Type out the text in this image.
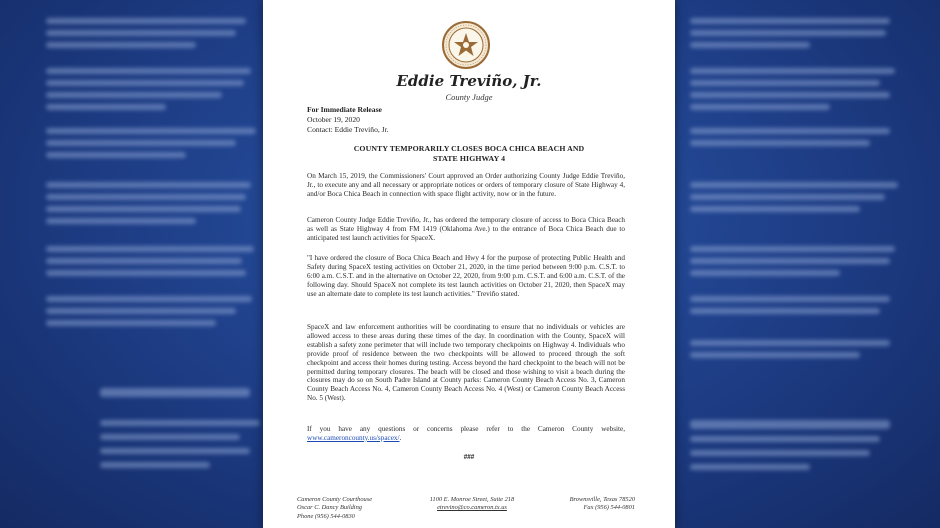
Eddie Treviño, Jr.
County Judge
For Immediate Release
October 19, 2020
Contact: Eddie Treviño, Jr.
COUNTY TEMPORARILY CLOSES BOCA CHICA BEACH AND
STATE HIGHWAY 4
On March 15, 2019, the Commissioners' Court approved an Order authorizing County Judge Eddie Treviño, Jr., to execute any and all necessary or appropriate notices or orders of temporary closure of State Highway 4, and/or Boca Chica Beach in connection with space flight activity, now or in the future.
Cameron County Judge Eddie Treviño, Jr., has ordered the temporary closure of access to Boca Chica Beach as well as State Highway 4 from FM 1419 (Oklahoma Ave.) to the entrance of Boca Chica Beach due to anticipated test launch activities for SpaceX.
"I have ordered the closure of Boca Chica Beach and Hwy 4 for the purpose of protecting Public Health and Safety during SpaceX testing activities on October 21, 2020, in the time period between 9:00 p.m. C.S.T. to 6:00 a.m. C.S.T. and in the alternative on October 22, 2020, from 9:00 p.m. C.S.T. and 6:00 a.m. C.S.T. of the following day. Should SpaceX not complete its test launch activities on October 21, 2020, then SpaceX may use an alternate date to complete its test launch activities." Treviño stated.
SpaceX and law enforcement authorities will be coordinating to ensure that no individuals or vehicles are allowed access to these areas during these times of the day. In coordination with the County, SpaceX will establish a safety zone perimeter that will include two temporary checkpoints on Highway 4. Individuals who provide proof of residence between the two checkpoints will be allowed to proceed through the soft checkpoint and access their homes during testing. Access beyond the hard checkpoint to the beach will not be permitted during temporary closures. The beach will be closed and those wishing to visit a beach during the closures may do so on South Padre Island at County parks: Cameron County Beach Access No. 3, Cameron County Beach Access No. 4, Cameron County Beach Access No. 4 (West) or Cameron County Beach Access No. 5 (West).
If you have any questions or concerns please refer to the Cameron County website, www.cameroncounty.us/spacex/.
###
Cameron County Courthouse
Oscar C. Dancy Building
Phone (956) 544-0830
1100 E. Monroe Street, Suite 218
etrevino@co.cameron.tx.us
Brownsville, Texas 78520
Fax (956) 544-0801
